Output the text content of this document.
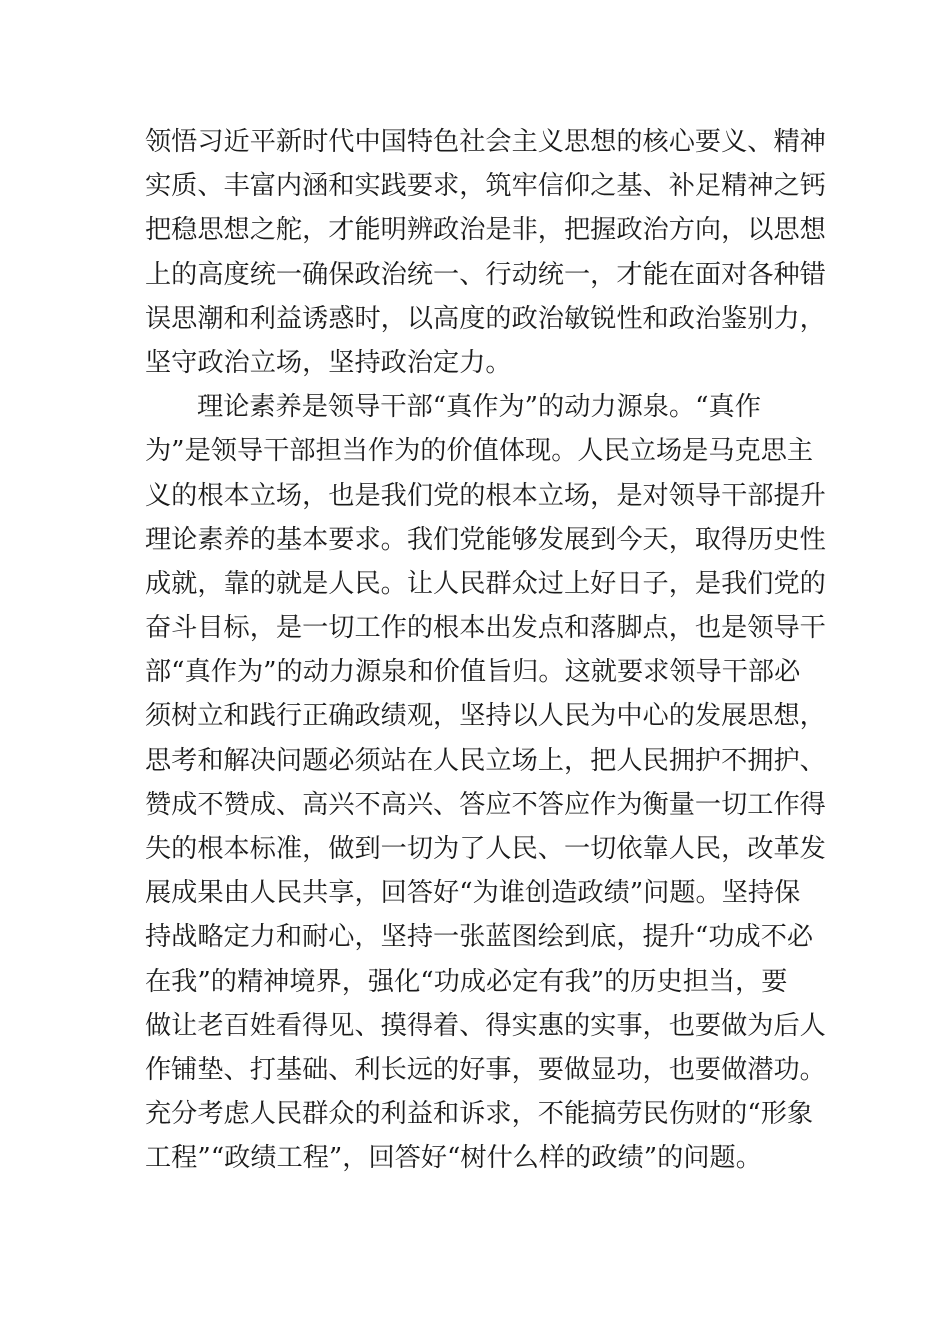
领悟习近平新时代中国特色社会主义思想的核心要义、精神
实质、丰富内涵和实践要求，筑牢信仰之基、补足精神之钙
把稳思想之舵，才能明辨政治是非，把握政治方向，以思想
上的高度统一确保政治统一、行动统一，才能在面对各种错
误思潮和利益诱惑时，以高度的政治敏锐性和政治鉴别力，
坚守政治立场，坚持政治定力。
理论素养是领导干部“真作为”的动力源泉。“真作
为”是领导干部担当作为的价值体现。人民立场是马克思主
义的根本立场，也是我们党的根本立场，是对领导干部提升
理论素养的基本要求。我们党能够发展到今天，取得历史性
成就，靠的就是人民。让人民群众过上好日子，是我们党的
奋斗目标，是一切工作的根本出发点和落脚点，也是领导干
部“真作为”的动力源泉和价值旨归。这就要求领导干部必
须树立和践行正确政绩观，坚持以人民为中心的发展思想，
思考和解决问题必须站在人民立场上，把人民拥护不拥护、
赞成不赞成、高兴不高兴、答应不答应作为衡量一切工作得
失的根本标准，做到一切为了人民、一切依靠人民，改革发
展成果由人民共享，回答好“为谁创造政绩”问题。坚持保
持战略定力和耐心，坚持一张蓝图绘到底，提升“功成不必
在我”的精神境界，强化“功成必定有我”的历史担当，要
做让老百姓看得见、摸得着、得实惠的实事，也要做为后人
作铺垫、打基础、利长远的好事，要做显功，也要做潜功。
充分考虑人民群众的利益和诉求，不能搞劳民伤财的“形象
工程”“政绩工程”，回答好“树什么样的政绩”的问题。
